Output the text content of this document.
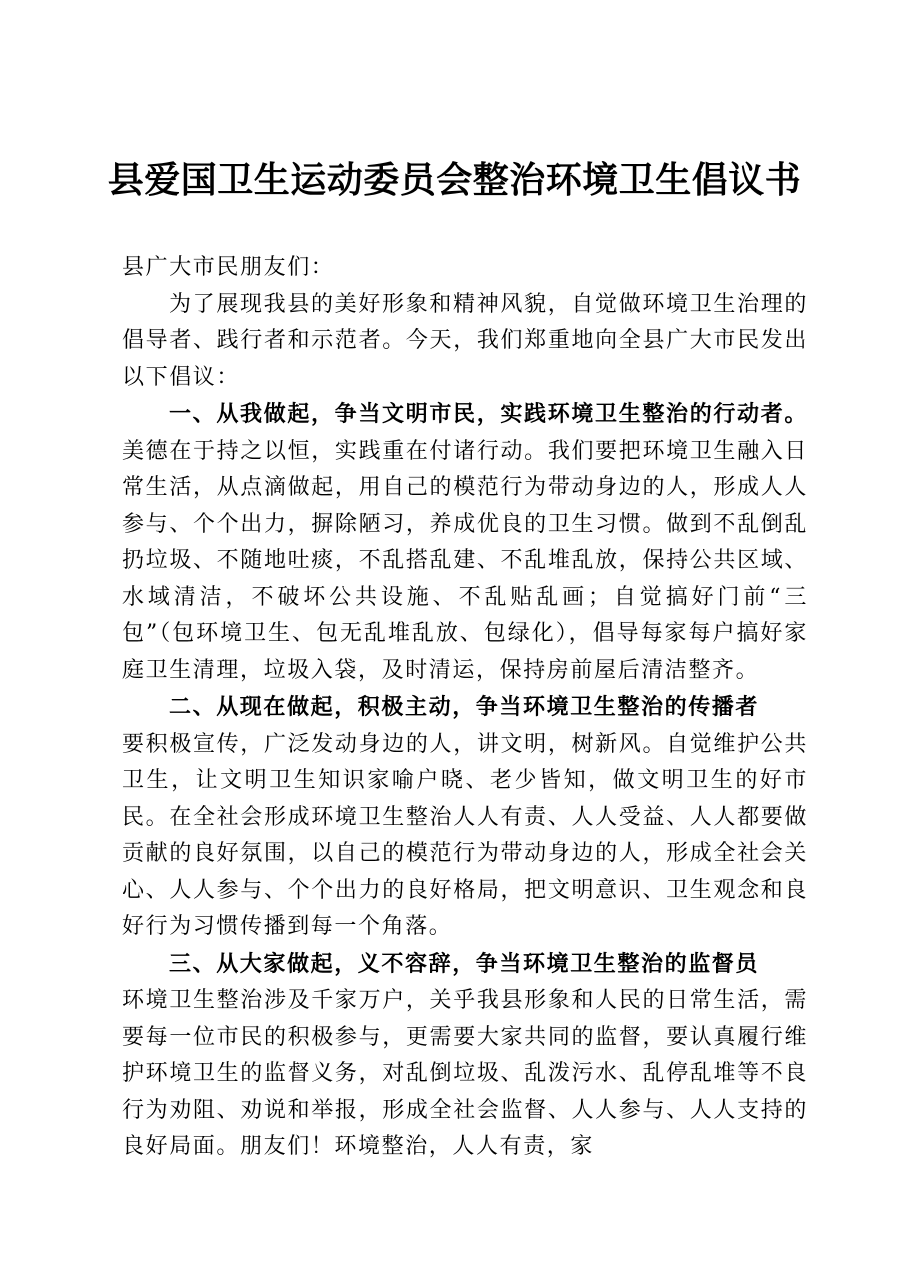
县爱国卫生运动委员会整治环境卫生倡议书

县广大市民朋友们：

为了展现我县的美好形象和精神风貌，自觉做环境卫生治理的倡导者、践行者和示范者。今天，我们郑重地向全县广大市民发出以下倡议：

一、从我做起，争当文明市民，实践环境卫生整治的行动者。美德在于持之以恒，实践重在付诸行动。我们要把环境卫生融入日常生活，从点滴做起，用自己的模范行为带动身边的人，形成人人参与、个个出力，摒除陋习，养成优良的卫生习惯。做到不乱倒乱扔垃圾、不随地吐痰，不乱搭乱建、不乱堆乱放，保持公共区域、水域清洁，不破坏公共设施、不乱贴乱画；自觉搞好门前“三包”（包环境卫生、包无乱堆乱放、包绿化），倡导每家每户搞好家庭卫生清理，垃圾入袋，及时清运，保持房前屋后清洁整齐。

二、从现在做起，积极主动，争当环境卫生整治的传播者

要积极宣传，广泛发动身边的人，讲文明，树新风。自觉维护公共卫生，让文明卫生知识家喻户晓、老少皆知，做文明卫生的好市民。在全社会形成环境卫生整治人人有责、人人受益、人人都要做贡献的良好氛围，以自己的模范行为带动身边的人，形成全社会关心、人人参与、个个出力的良好格局，把文明意识、卫生观念和良好行为习惯传播到每一个角落。

三、从大家做起，义不容辞，争当环境卫生整治的监督员

环境卫生整治涉及千家万户，关乎我县形象和人民的日常生活，需要每一位市民的积极参与，更需要大家共同的监督，要认真履行维护环境卫生的监督义务，对乱倒垃圾、乱泼污水、乱停乱堆等不良行为劝阻、劝说和举报，形成全社会监督、人人参与、人人支持的良好局面。朋友们！环境整治，人人有责，家
